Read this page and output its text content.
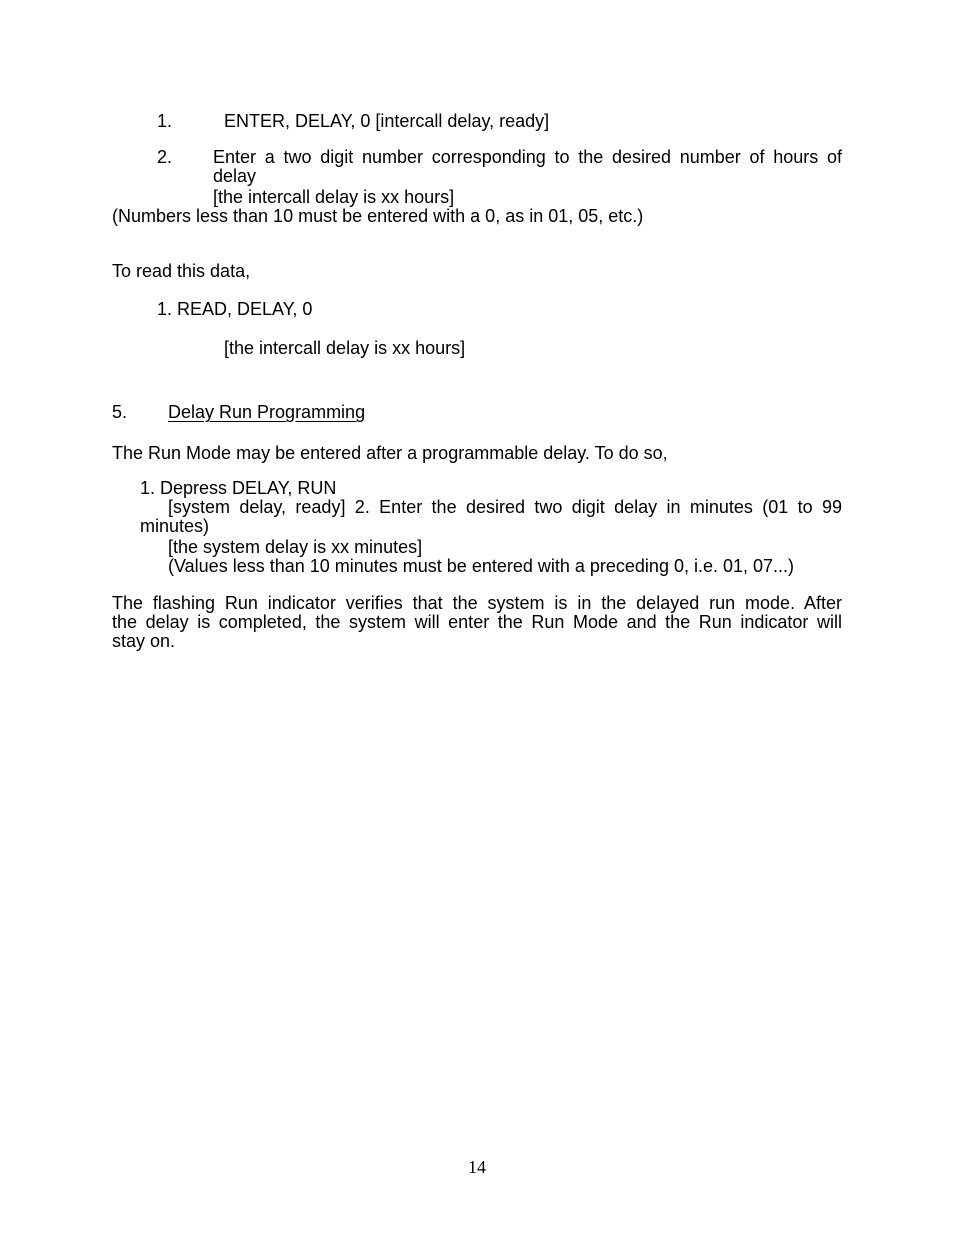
1.	ENTER, DELAY, 0 [intercall delay, ready]
2. Enter a two digit number corresponding to the desired number of hours of
delay
[the intercall delay is xx hours]
(Numbers less than 10 must be entered with a 0, as in 01, 05, etc.)
To read this data,
1. READ, DELAY, 0
[the intercall delay is xx hours]
5. Delay Run Programming
The Run Mode may be entered after a programmable delay. To do so,
1. Depress DELAY, RUN
[system delay, ready] 2. Enter the desired two digit delay in minutes (01 to 99
minutes)
[the system delay is xx minutes]
(Values less than 10 minutes must be entered with a preceding 0, i.e. 01, 07...)
The flashing Run indicator verifies that the system is in the delayed run mode. After
the delay is completed, the system will enter the Run Mode and the Run indicator will
stay on.
14
